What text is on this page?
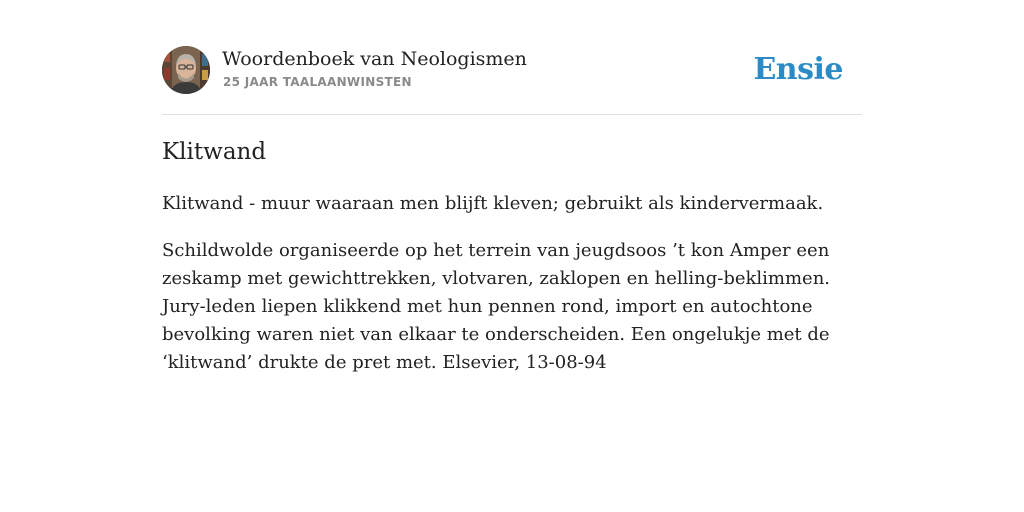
Woordenboek van Neologismen
25 JAAR TAALAANWINSTEN	Ensie
Klitwand

Klitwand - muur waaraan men blijft kleven; gebruikt als kindervermaak.

Schildwolde organiseerde op het terrein van jeugdsoos ’t kon Amper een zeskamp met gewichttrekken, vlotvaren, zaklopen en helling-beklimmen. Jury-leden liepen klikkend met hun pennen rond, import en autochtone bevolking waren niet van elkaar te onderscheiden. Een ongelukje met de ‘klitwand’ drukte de pret met. Elsevier, 13-08-94
